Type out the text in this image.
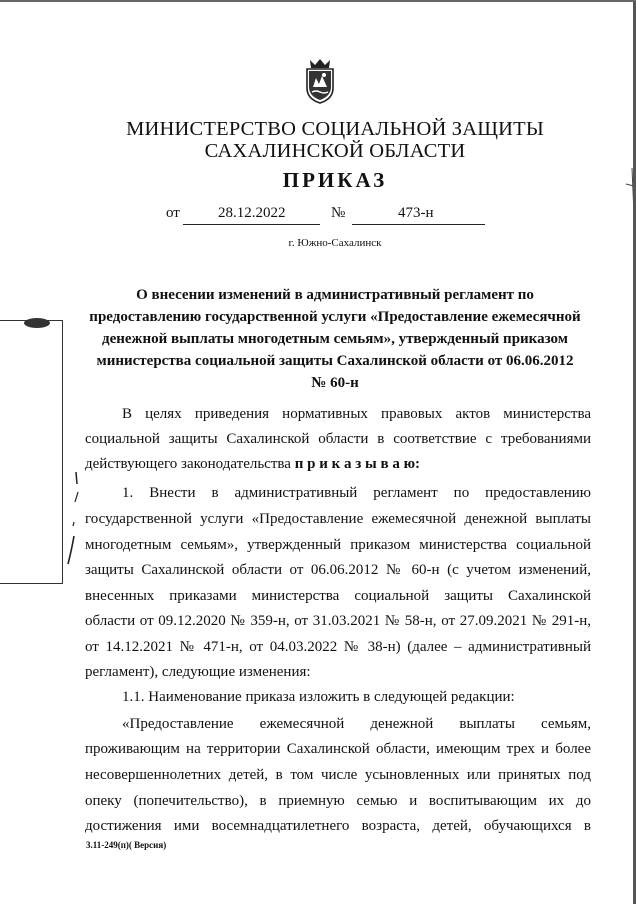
МИНИСТЕРСТВО СОЦИАЛЬНОЙ ЗАЩИТЫ
САХАЛИНСКОЙ ОБЛАСТИ
ПРИКАЗ
от	28.12.2022	№	473-н
г. Южно-Сахалинск
О внесении изменений в административный регламент по
предоставлению государственной услуги «Предоставление ежемесячной
денежной выплаты многодетным семьям», утвержденный приказом
министерства социальной защиты Сахалинской области от 06.06.2012
№ 60-н
В целях приведения нормативных правовых актов министерства
социальной защиты Сахалинской области в соответствие с требованиями
действующего законодательства п р и к а з ы в а ю:
1. Внести в административный регламент по предоставлению
государственной услуги «Предоставление ежемесячной денежной выплаты
многодетным семьям», утвержденный приказом министерства социальной
защиты Сахалинской области от 06.06.2012 № 60-н (с учетом изменений,
внесенных приказами министерства социальной защиты Сахалинской
области от 09.12.2020 № 359-н, от 31.03.2021 № 58-н, от 27.09.2021 № 291-н,
от 14.12.2021 № 471-н, от 04.03.2022 № 38-н) (далее – административный
регламент), следующие изменения:
1.1. Наименование приказа изложить в следующей редакции:
«Предоставление ежемесячной денежной выплаты семьям,
проживающим на территории Сахалинской области, имеющим трех и более
несовершеннолетних детей, в том числе усыновленных или принятых под
опеку (попечительство), в приемную семью и воспитывающим их до
достижения ими восемнадцатилетнего возраста, детей, обучающихся в
3.11-249(п)( Версия)
